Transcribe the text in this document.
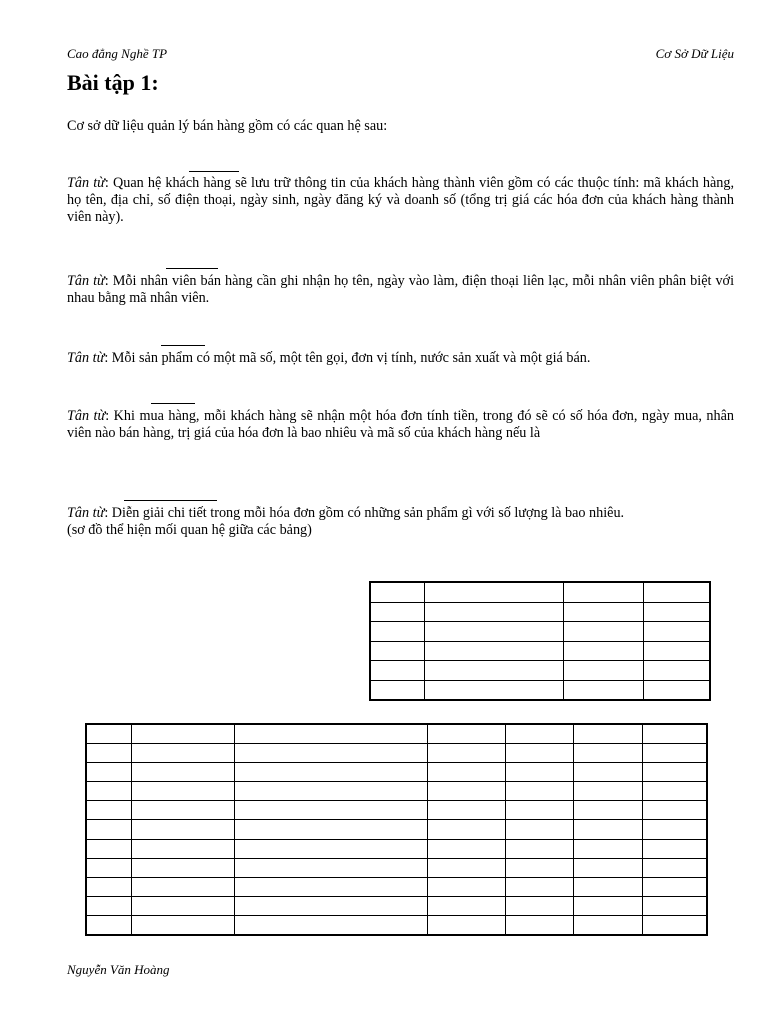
Cao đẳng Nghề TP	Cơ Sở Dữ Liệu
Bài tập 1:

Cơ sở dữ liệu quản lý bán hàng gồm có các quan hệ sau:

Tân từ: Quan hệ khách hàng sẽ lưu trữ thông tin của khách hàng thành viên gồm có các thuộc tính: mã khách hàng, họ tên, địa chỉ, số điện thoại, ngày sinh, ngày đăng ký và doanh số (tổng trị giá các hóa đơn của khách hàng thành viên này).

Tân từ: Mỗi nhân viên bán hàng cần ghi nhận họ tên, ngày vào làm, điện thoại liên lạc, mỗi nhân viên phân biệt với nhau bằng mã nhân viên.

Tân từ: Mỗi sản phẩm có một mã số, một tên gọi, đơn vị tính, nước sản xuất và một giá bán.

Tân từ: Khi mua hàng, mỗi khách hàng sẽ nhận một hóa đơn tính tiền, trong đó sẽ có số hóa đơn, ngày mua, nhân viên nào bán hàng, trị giá của hóa đơn là bao nhiêu và mã số của khách hàng nếu là

Tân từ: Diễn giải chi tiết trong mỗi hóa đơn gồm có những sản phẩm gì với số lượng là bao nhiêu.
(sơ đồ thể hiện mối quan hệ giữa các bảng)

Nguyễn Văn Hoàng
